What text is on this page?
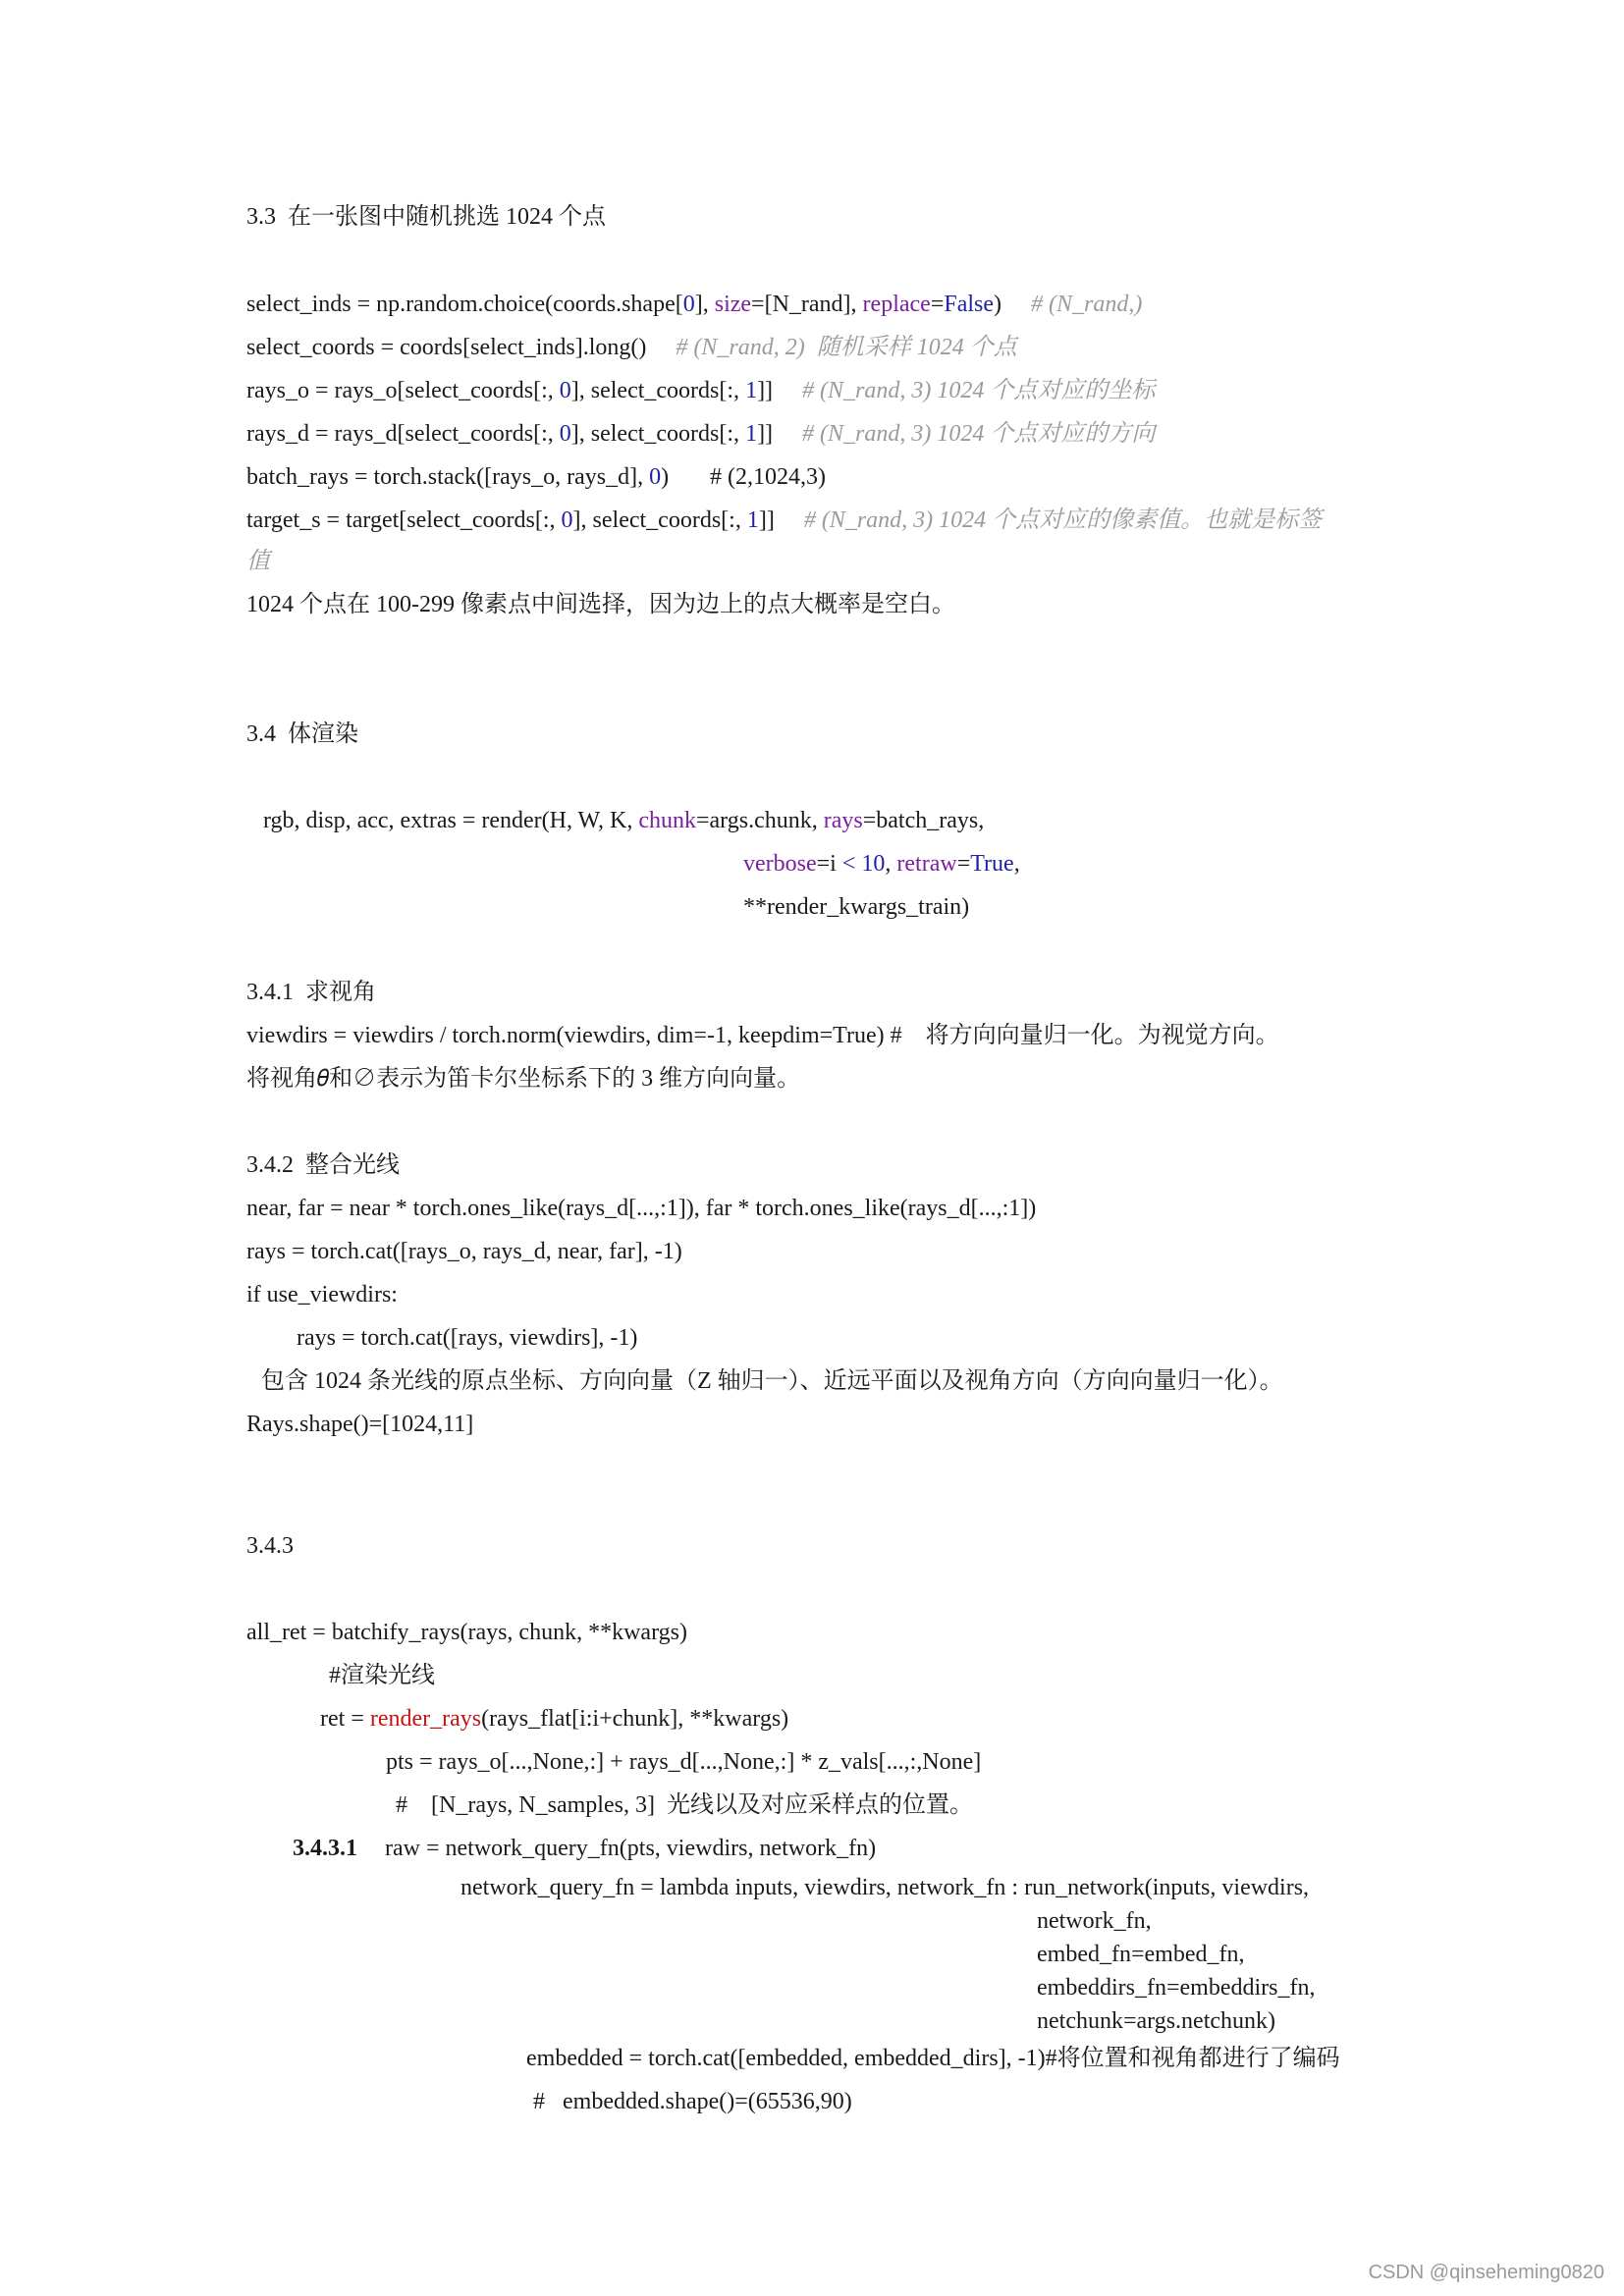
3.3  在一张图中随机挑选 1024 个点
select_inds = np.random.choice(coords.shape[0], size=[N_rand], replace=False)     # (N_rand,)
select_coords = coords[select_inds].long()     # (N_rand, 2)  随机采样 1024 个点
rays_o = rays_o[select_coords[:, 0], select_coords[:, 1]]     # (N_rand, 3) 1024 个点对应的坐标
rays_d = rays_d[select_coords[:, 0], select_coords[:, 1]]     # (N_rand, 3) 1024 个点对应的方向
batch_rays = torch.stack([rays_o, rays_d], 0)       # (2,1024,3)
target_s = target[select_coords[:, 0], select_coords[:, 1]]     # (N_rand, 3) 1024 个点对应的像素值。也就是标签
值
1024 个点在 100-299 像素点中间选择，因为边上的点大概率是空白。
3.4  体渲染
rgb, disp, acc, extras = render(H, W, K, chunk=args.chunk, rays=batch_rays,
verbose=i < 10, retraw=True,
**render_kwargs_train)
3.4.1  求视角
viewdirs = viewdirs / torch.norm(viewdirs, dim=-1, keepdim=True) #    将方向向量归一化。为视觉方向。
将视角𝜃和∅表示为笛卡尔坐标系下的 3 维方向向量。
3.4.2  整合光线
near, far = near * torch.ones_like(rays_d[...,:1]), far * torch.ones_like(rays_d[...,:1])
rays = torch.cat([rays_o, rays_d, near, far], -1)
if use_viewdirs:
rays = torch.cat([rays, viewdirs], -1)
包含 1024 条光线的原点坐标、方向向量（Z 轴归一）、近远平面以及视角方向（方向向量归一化）。
Rays.shape()=[1024,11]
3.4.3
all_ret = batchify_rays(rays, chunk, **kwargs)
#渲染光线
ret = render_rays(rays_flat[i:i+chunk], **kwargs)
pts = rays_o[...,None,:] + rays_d[...,None,:] * z_vals[...,:,None]
#    [N_rays, N_samples, 3]  光线以及对应采样点的位置。
3.4.3.1 raw = network_query_fn(pts, viewdirs, network_fn)
network_query_fn = lambda inputs, viewdirs, network_fn : run_network(inputs, viewdirs,
network_fn,
embed_fn=embed_fn,
embeddirs_fn=embeddirs_fn,
netchunk=args.netchunk)
embedded = torch.cat([embedded, embedded_dirs], -1)#将位置和视角都进行了编码
#   embedded.shape()=(65536,90)
CSDN @qinseheming0820
